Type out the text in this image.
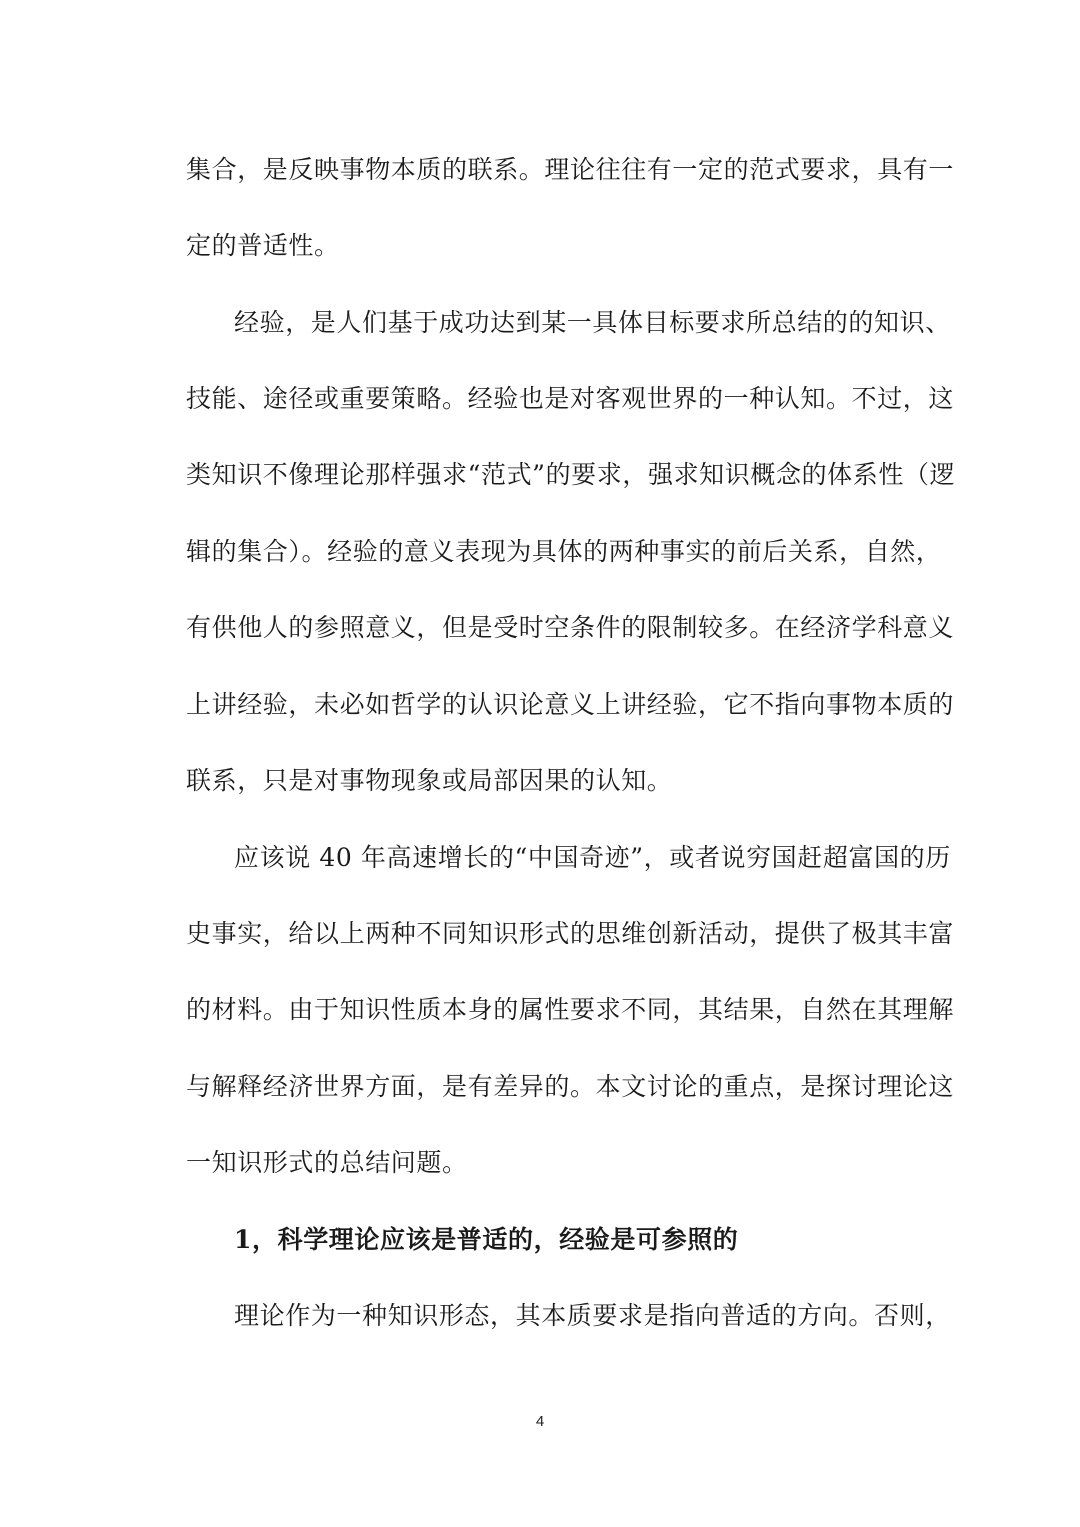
集合，是反映事物本质的联系。理论往往有一定的范式要求，具有一
定的普适性。
经验，是人们基于成功达到某一具体目标要求所总结的的知识、
技能、途径或重要策略。经验也是对客观世界的一种认知。不过，这
类知识不像理论那样强求“范式”的要求，强求知识概念的体系性（逻
辑的集合）。经验的意义表现为具体的两种事实的前后关系，自然，
有供他人的参照意义，但是受时空条件的限制较多。在经济学科意义
上讲经验，未必如哲学的认识论意义上讲经验，它不指向事物本质的
联系，只是对事物现象或局部因果的认知。
应该说 40 年高速增长的“中国奇迹”，或者说穷国赶超富国的历
史事实，给以上两种不同知识形式的思维创新活动，提供了极其丰富
的材料。由于知识性质本身的属性要求不同，其结果，自然在其理解
与解释经济世界方面，是有差异的。本文讨论的重点，是探讨理论这
一知识形式的总结问题。
1，科学理论应该是普适的，经验是可参照的
理论作为一种知识形态，其本质要求是指向普适的方向。否则，
4
